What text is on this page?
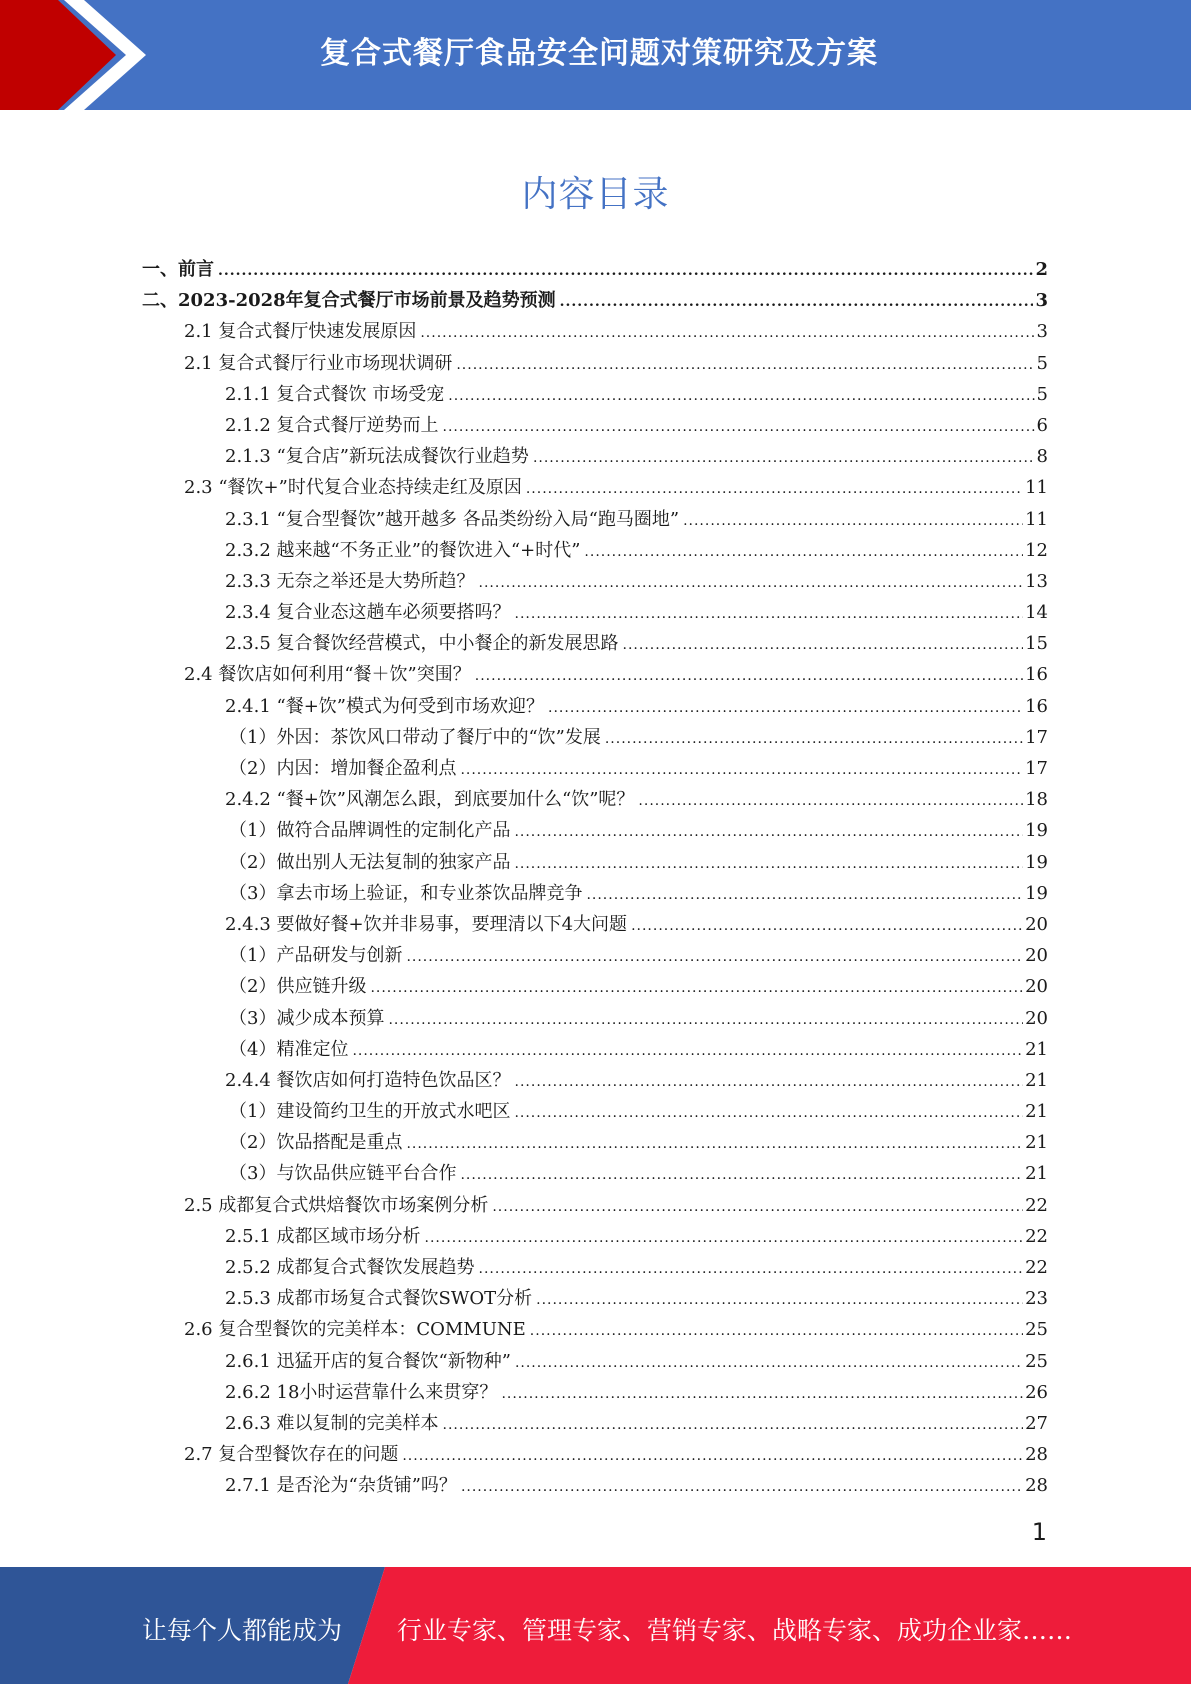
复合式餐厅食品安全问题对策研究及方案
内容目录
一、前言 .....	2
二、2023-2028年复合式餐厅市场前景及趋势预测 .....	3
2.1 复合式餐厅快速发展原因 .....	3
2.1 复合式餐厅行业市场现状调研 .....	5
2.1.1 复合式餐饮 市场受宠 .....	5
2.1.2 复合式餐厅逆势而上 .....	6
2.1.3 “复合店”新玩法成餐饮行业趋势 .....	8
2.3 “餐饮+”时代复合业态持续走红及原因 .....	11
2.3.1 “复合型餐饮”越开越多 各品类纷纷入局“跑马圈地” .....	11
2.3.2 越来越“不务正业”的餐饮进入“+时代” .....	12
2.3.3 无奈之举还是大势所趋？ .....	13
2.3.4 复合业态这趟车必须要搭吗？ .....	14
2.3.5 复合餐饮经营模式，中小餐企的新发展思路 .....	15
2.4 餐饮店如何利用“餐＋饮”突围？ .....	16
2.4.1 “餐+饮”模式为何受到市场欢迎？ .....	16
（1）外因：茶饮风口带动了餐厅中的“饮”发展 .....	17
（2）内因：增加餐企盈利点 .....	17
2.4.2 “餐+饮”风潮怎么跟，到底要加什么“饮”呢？ .....	18
（1）做符合品牌调性的定制化产品 .....	19
（2）做出别人无法复制的独家产品 .....	19
（3）拿去市场上验证，和专业茶饮品牌竞争 .....	19
2.4.3 要做好餐+饮并非易事，要理清以下4大问题 .....	20
（1）产品研发与创新 .....	20
（2）供应链升级 .....	20
（3）减少成本预算 .....	20
（4）精准定位 .....	21
2.4.4 餐饮店如何打造特色饮品区？ .....	21
（1）建设简约卫生的开放式水吧区 .....	21
（2）饮品搭配是重点 .....	21
（3）与饮品供应链平台合作 .....	21
2.5 成都复合式烘焙餐饮市场案例分析 .....	22
2.5.1 成都区域市场分析 .....	22
2.5.2 成都复合式餐饮发展趋势 .....	22
2.5.3 成都市场复合式餐饮SWOT分析 .....	23
2.6 复合型餐饮的完美样本：COMMUNE .....	25
2.6.1 迅猛开店的复合餐饮“新物种” .....	25
2.6.2 18小时运营靠什么来贯穿？ .....	26
2.6.3 难以复制的完美样本 .....	27
2.7 复合型餐饮存在的问题 .....	28
2.7.1 是否沦为“杂货铺”吗？ .....	28
1
让每个人都能成为 行业专家、管理专家、营销专家、战略专家、成功企业家……
